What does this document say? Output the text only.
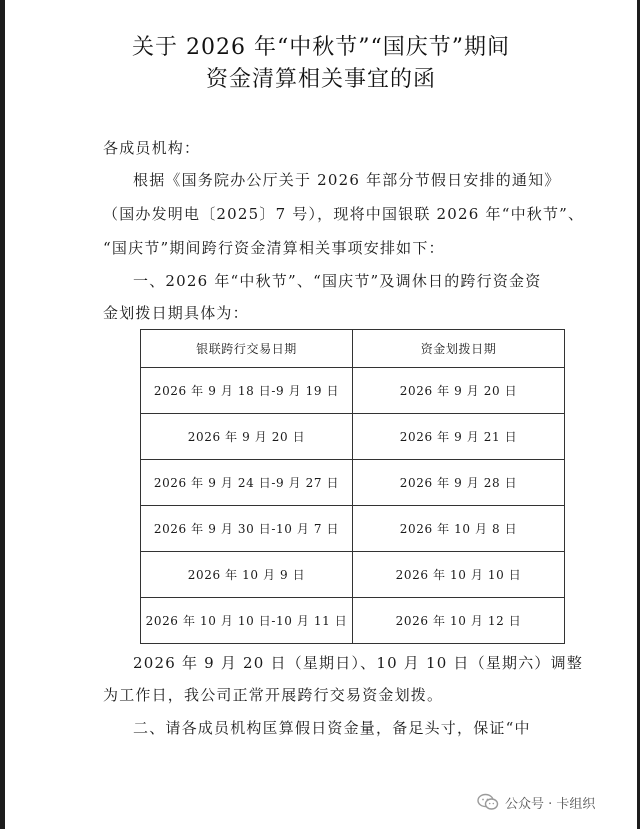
关于 2026 年“中秋节”“国庆节”期间
资金清算相关事宜的函
各成员机构：
根据《国务院办公厅关于 2026 年部分节假日安排的通知》
（国办发明电〔2025〕7 号），现将中国银联 2026 年“中秋节”、
“国庆节”期间跨行资金清算相关事项安排如下：
一、2026 年“中秋节”、“国庆节”及调休日的跨行资金资
金划拨日期具体为：
银联跨行交易日期	资金划拨日期
2026 年 9 月 18 日-9 月 19 日	2026 年 9 月 20 日
2026 年 9 月 20 日	2026 年 9 月 21 日
2026 年 9 月 24 日-9 月 27 日	2026 年 9 月 28 日
2026 年 9 月 30 日-10 月 7 日	2026 年 10 月 8 日
2026 年 10 月 9 日	2026 年 10 月 10 日
2026 年 10 月 10 日-10 月 11 日	2026 年 10 月 12 日
2026 年 9 月 20 日（星期日）、10 月 10 日（星期六）调整
为工作日，我公司正常开展跨行交易资金划拨。
二、请各成员机构匡算假日资金量，备足头寸，保证“中
公众号 · 卡组织
